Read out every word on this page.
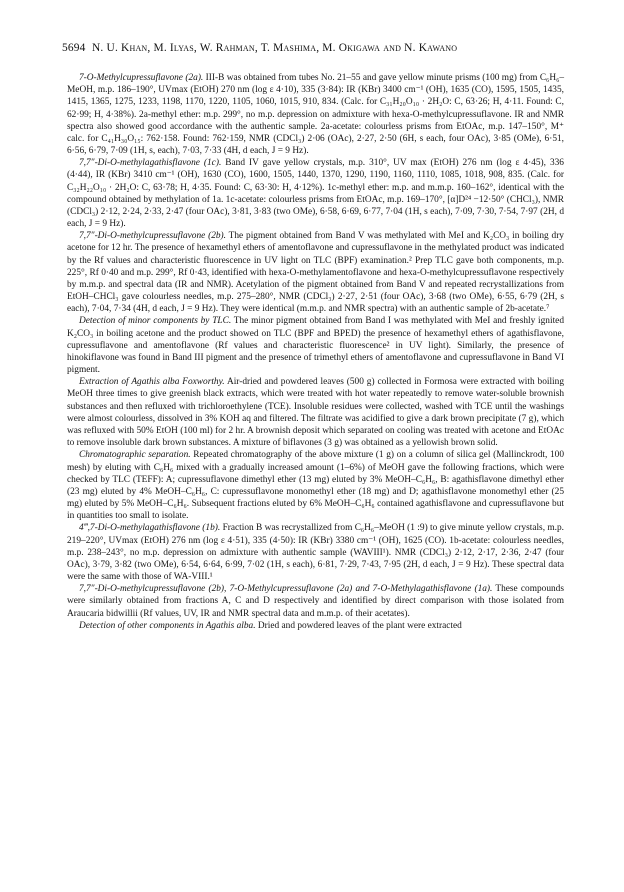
5694 N. U. Khan, M. Ilyas, W. Rahman, T. Mashima, M. Okigawa and N. Kawano

7-O-Methylcupressuflavone (2a). III-B was obtained from tubes No. 21–55 and gave yellow minute prisms (100 mg) from C₆H₆–MeOH, m.p. 186–190°, UVmax (EtOH) 270 nm (log ε 4·10), 335 (3·84): IR (KBr) 3400 cm⁻¹ (OH), 1635 (CO), 1595, 1505, 1435, 1415, 1365, 1275, 1233, 1198, 1170, 1220, 1105, 1060, 1015, 910, 834. (Calc. for C₃₁H₂₀O₁₀ · 2H₂O: C, 63·26; H, 4·11. Found: C, 62·99; H, 4·38%). 2a-methyl ether: m.p. 299°, no m.p. depression on admixture with hexa-O-methylcupressuflavone. IR and NMR spectra also showed good accordance with the authentic sample. 2a-acetate: colourless prisms from EtOAc, m.p. 147–150°, M⁺ calc. for C₄₁H₃₀O₁₅: 762·158. Found: 762·159, NMR (CDCl₃) 2·06 (OAc), 2·27, 2·50 (6H, s each, four OAc), 3·85 (OMe), 6·51, 6·56, 6·79, 7·09 (1H, s, each), 7·03, 7·33 (4H, d each, J = 9 Hz).

7,7″-Di-O-methylagathisflavone (1c). Band IV gave yellow crystals, m.p. 310°, UV max (EtOH) 276 nm (log ε 4·45), 336 (4·44), IR (KBr) 3410 cm⁻¹ (OH), 1630 (CO), 1600, 1505, 1440, 1370, 1290, 1190, 1160, 1110, 1085, 1018, 908, 835. (Calc. for C₃₂H₂₂O₁₀ · 2H₂O: C, 63·78; H, 4·35. Found: C, 63·30: H, 4·12%). 1c-methyl ether: m.p. and m.m.p. 160–162°, identical with the compound obtained by methylation of 1a. 1c-acetate: colourless prisms from EtOAc, m.p. 169–170°, [α]D²⁴ −12·50° (CHCl₃), NMR (CDCl₃) 2·12, 2·24, 2·33, 2·47 (four OAc), 3·81, 3·83 (two OMe), 6·58, 6·69, 6·77, 7·04 (1H, s each), 7·09, 7·30, 7·54, 7·97 (2H, d each, J = 9 Hz).

7,7″-Di-O-methylcupressuflavone (2b). The pigment obtained from Band V was methylated with MeI and K₂CO₃ in boiling dry acetone for 12 hr. The presence of hexamethyl ethers of amentoflavone and cupressuflavone in the methylated product was indicated by the Rf values and characteristic fluorescence in UV light on TLC (BPF) examination.² Prep TLC gave both components, m.p. 225°, Rf 0·40 and m.p. 299°, Rf 0·43, identified with hexa-O-methylamentoflavone and hexa-O-methylcupressuflavone respectively by m.m.p. and spectral data (IR and NMR). Acetylation of the pigment obtained from Band V and repeated recrystallizations from EtOH–CHCl₃ gave colourless needles, m.p. 275–280°, NMR (CDCl₃) 2·27, 2·51 (four OAc), 3·68 (two OMe), 6·55, 6·79 (2H, s each), 7·04, 7·34 (4H, d each, J = 9 Hz). They were identical (m.m.p. and NMR spectra) with an authentic sample of 2b-acetate.⁷

Detection of minor components by TLC. The minor pigment obtained from Band I was methylated with MeI and freshly ignited K₂CO₃ in boiling acetone and the product showed on TLC (BPF and BPED) the presence of hexamethyl ethers of agathisflavone, cupressuflavone and amentoflavone (Rf values and characteristic fluorescence² in UV light). Similarly, the presence of hinokiflavone was found in Band III pigment and the presence of trimethyl ethers of amentoflavone and cupressuflavone in Band VI pigment.

Extraction of Agathis alba Foxworthy. Air-dried and powdered leaves (500 g) collected in Formosa were extracted with boiling MeOH three times to give greenish black extracts, which were treated with hot water repeatedly to remove water-soluble brownish substances and then refluxed with trichloroethylene (TCE). Insoluble residues were collected, washed with TCE until the washings were almost colourless, dissolved in 3% KOH aq and filtered. The filtrate was acidified to give a dark brown precipitate (7 g), which was refluxed with 50% EtOH (100 ml) for 2 hr. A brownish deposit which separated on cooling was treated with acetone and EtOAc to remove insoluble dark brown substances. A mixture of biflavones (3 g) was obtained as a yellowish brown solid.

Chromatographic separation. Repeated chromatography of the above mixture (1 g) on a column of silica gel (Mallinckrodt, 100 mesh) by eluting with C₆H₆ mixed with a gradually increased amount (1–6%) of MeOH gave the following fractions, which were checked by TLC (TEFF): A; cupressuflavone dimethyl ether (13 mg) eluted by 3% MeOH–C₆H₆, B: agathisflavone dimethyl ether (23 mg) eluted by 4% MeOH–C₆H₆, C: cupressuflavone monomethyl ether (18 mg) and D; agathisflavone monomethyl ether (25 mg) eluted by 5% MeOH–C₆H₆. Subsequent fractions eluted by 6% MeOH–C₆H₆ contained agathisflavone and cupressuflavone but in quantities too small to isolate.

4‴,7-Di-O-methylagathisflavone (1b). Fraction B was recrystallized from C₆H₆–MeOH (1 :9) to give minute yellow crystals, m.p. 219–220°, UVmax (EtOH) 276 nm (log ε 4·51), 335 (4·50): IR (KBr) 3380 cm⁻¹ (OH), 1625 (CO). 1b-acetate: colourless needles, m.p. 238–243°, no m.p. depression on admixture with authentic sample (WAVIII¹). NMR (CDCl₃) 2·12, 2·17, 2·36, 2·47 (four OAc), 3·79, 3·82 (two OMe), 6·54, 6·64, 6·99, 7·02 (1H, s each), 6·81, 7·29, 7·43, 7·95 (2H, d each, J = 9 Hz). These spectral data were the same with those of WA-VIII.¹

7,7″-Di-O-methylcupressuflavone (2b), 7-O-Methylcupressuflavone (2a) and 7-O-Methylagathisflavone (1a). These compounds were similarly obtained from fractions A, C and D respectively and identified by direct comparison with those isolated from Araucaria bidwillii (Rf values, UV, IR and NMR spectral data and m.m.p. of their acetates).

Detection of other components in Agathis alba. Dried and powdered leaves of the plant were extracted
